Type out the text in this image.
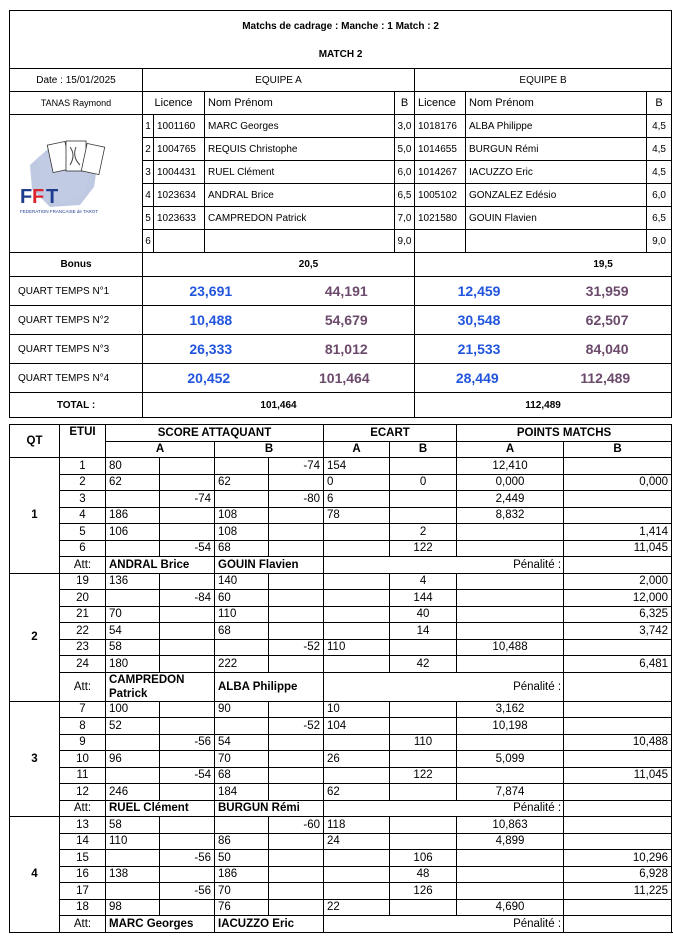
Matchs de cadrage : Manche : 1 Match : 2							
MATCH 2							
Date : 15/01/2025	EQUIPE A				EQUIPE B		
TANAS Raymond	Licence		Nom Prénom	B	Licence	Nom Prénom	B

F F T
FEDERATION FRANCAISE de TAROT	1	1001160	MARC Georges	3,0	1018176	ALBA Philippe	4,5
	2	1004765	REQUIS Christophe	5,0	1014655	BURGUN Rémi	4,5
	3	1004431	RUEL Clément	6,0	1014267	IACUZZO Eric	4,5
	4	1023634	ANDRAL Brice	6,5	1005102	GONZALEZ Edésio	6,0
	5	1023633	CAMPREDON Patrick	7,0	1021580	GOUIN Flavien	6,5
	6			9,0			9,0
Bonus	20,5				19,5		
QUART TEMPS N°1	23,691 44,191				12,459 31,959		

QUART TEMPS N°2	10,488 54,679				30,548 62,507		

QUART TEMPS N°3	26,333 81,012				21,533 84,040		

QUART TEMPS N°4	20,452 101,464				28,449 112,489		

TOTAL :	101,464				112,489		
QT	ETUI	SCORE ATTAQUANT				ECART		POINTS MATCHS	
		A		B		A	B	A	B
1	1	80			-74	154		12,410	
	2	62		62		0	0	0,000	0,000
	3		-74		-80	6		2,449	
	4	186		108		78		8,832	
	5	106		108			2		1,414
	6		-54	68			122		11,045
	Att:	ANDRAL Brice		GOUIN Flavien		Pénalité :			
2	19	136		140			4		2,000
	20		-84	60			144		12,000
	21	70		110			40		6,325
	22	54		68			14		3,742
	23	58			-52	110		10,488	
	24	180		222			42		6,481
	Att:	CAMPREDON Patrick		ALBA Philippe		Pénalité :			
3	7	100		90		10		3,162	
	8	52			-52	104		10,198	
	9		-56	54			110		10,488
	10	96		70		26		5,099	
	11		-54	68			122		11,045
	12	246		184		62		7,874	
	Att:	RUEL Clément		BURGUN Rémi		Pénalité :			
4	13	58			-60	118		10,863	
	14	110		86		24		4,899	
	15		-56	50			106		10,296
	16	138		186			48		6,928
	17		-56	70			126		11,225
	18	98		76		22		4,690	
	Att:	MARC Georges		IACUZZO Eric		Pénalité :			
